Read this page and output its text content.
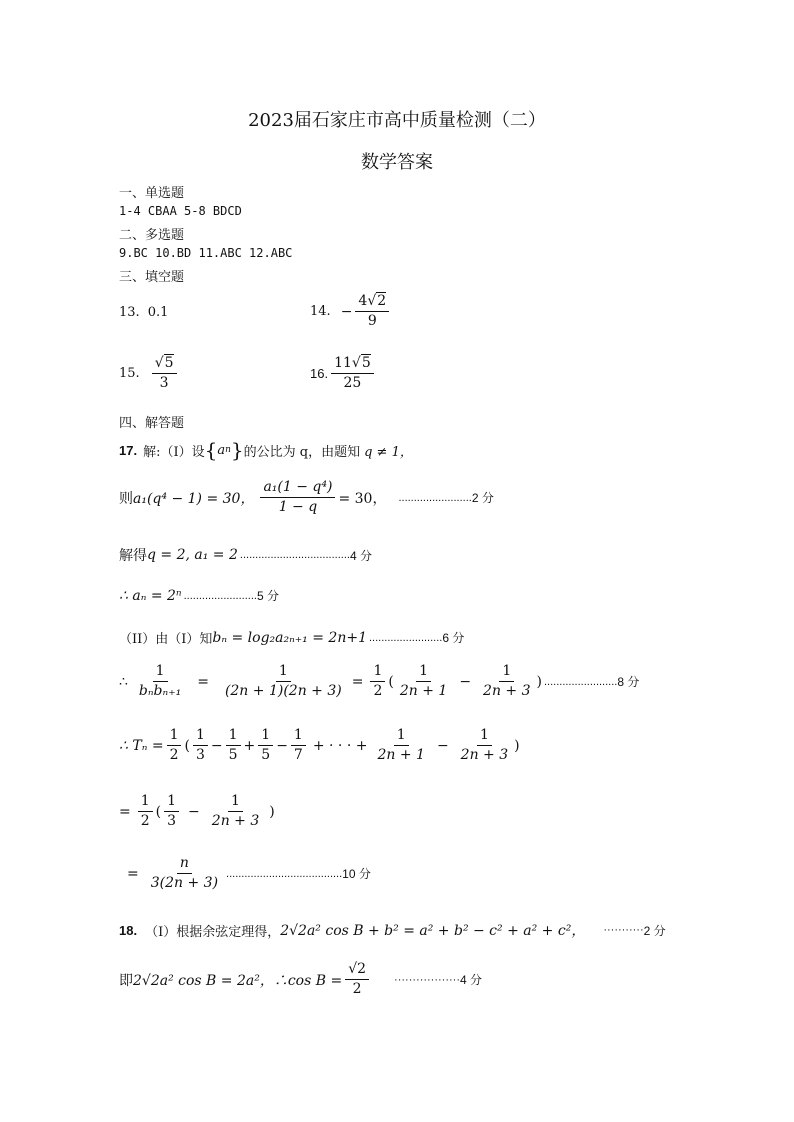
2023届石家庄市高中质量检测（二）
数学答案
一、单选题
1-4 CBAA 5-8 BDCD
二、多选题
9.BC 10.BD 11.ABC 12.ABC
三、填空题
13. 0.1	14. − $\frac{4√2}{9}$
15. $\frac{√5}{3}$	16. $\frac{11√5}{25}$
四、解答题
17. 解:（I）设 { a n } 的公比为 q，由题知 q ≠ 1，
则 a₁(q⁴ − 1) = 30， $\frac{\text{a₁(1 − q⁴)}}{1 - q} = 30$， ........................ 2 分
解得 q = 2, a₁ = 2 .................................... 4 分
∴ aₙ = 2ⁿ ........................ 5 分
（II）由（I）知 bₙ = log₂a₂ₙ₊₁ = 2n+1 ........................ 6 分
∴ $\frac{1}{\text{bₙbₙ₊₁}} = \frac{1}{(2n + 1)(2n + 3)} = \frac{1}{2}$ ( $\frac{1}{2n + 1} - \frac{1}{2n + 3}$ ) ........................ 8 分
∴ $T_n = \frac{1}{2}$ ( $\frac{1}{3} - \frac{1}{5} + \frac{1}{5} - \frac{1}{7}$ + · · · + $\frac{1}{2n + 1} - \frac{1}{2n + 3}$ )
= $\frac{1}{2}$ ( $\frac{1}{3} - \frac{1}{2n + 3}$ )
= $\frac{n}{3(2n + 3)}$ ...................................... 10 分
18. （I）根据余弦定理得， 2√2a² cos B + b² = a² + b² − c² + a² + c²， ··········· 2 分
即 2√2a² cos B = 2a²，∴cos $B = \frac{√2}{2}$ ·················· 4 分
